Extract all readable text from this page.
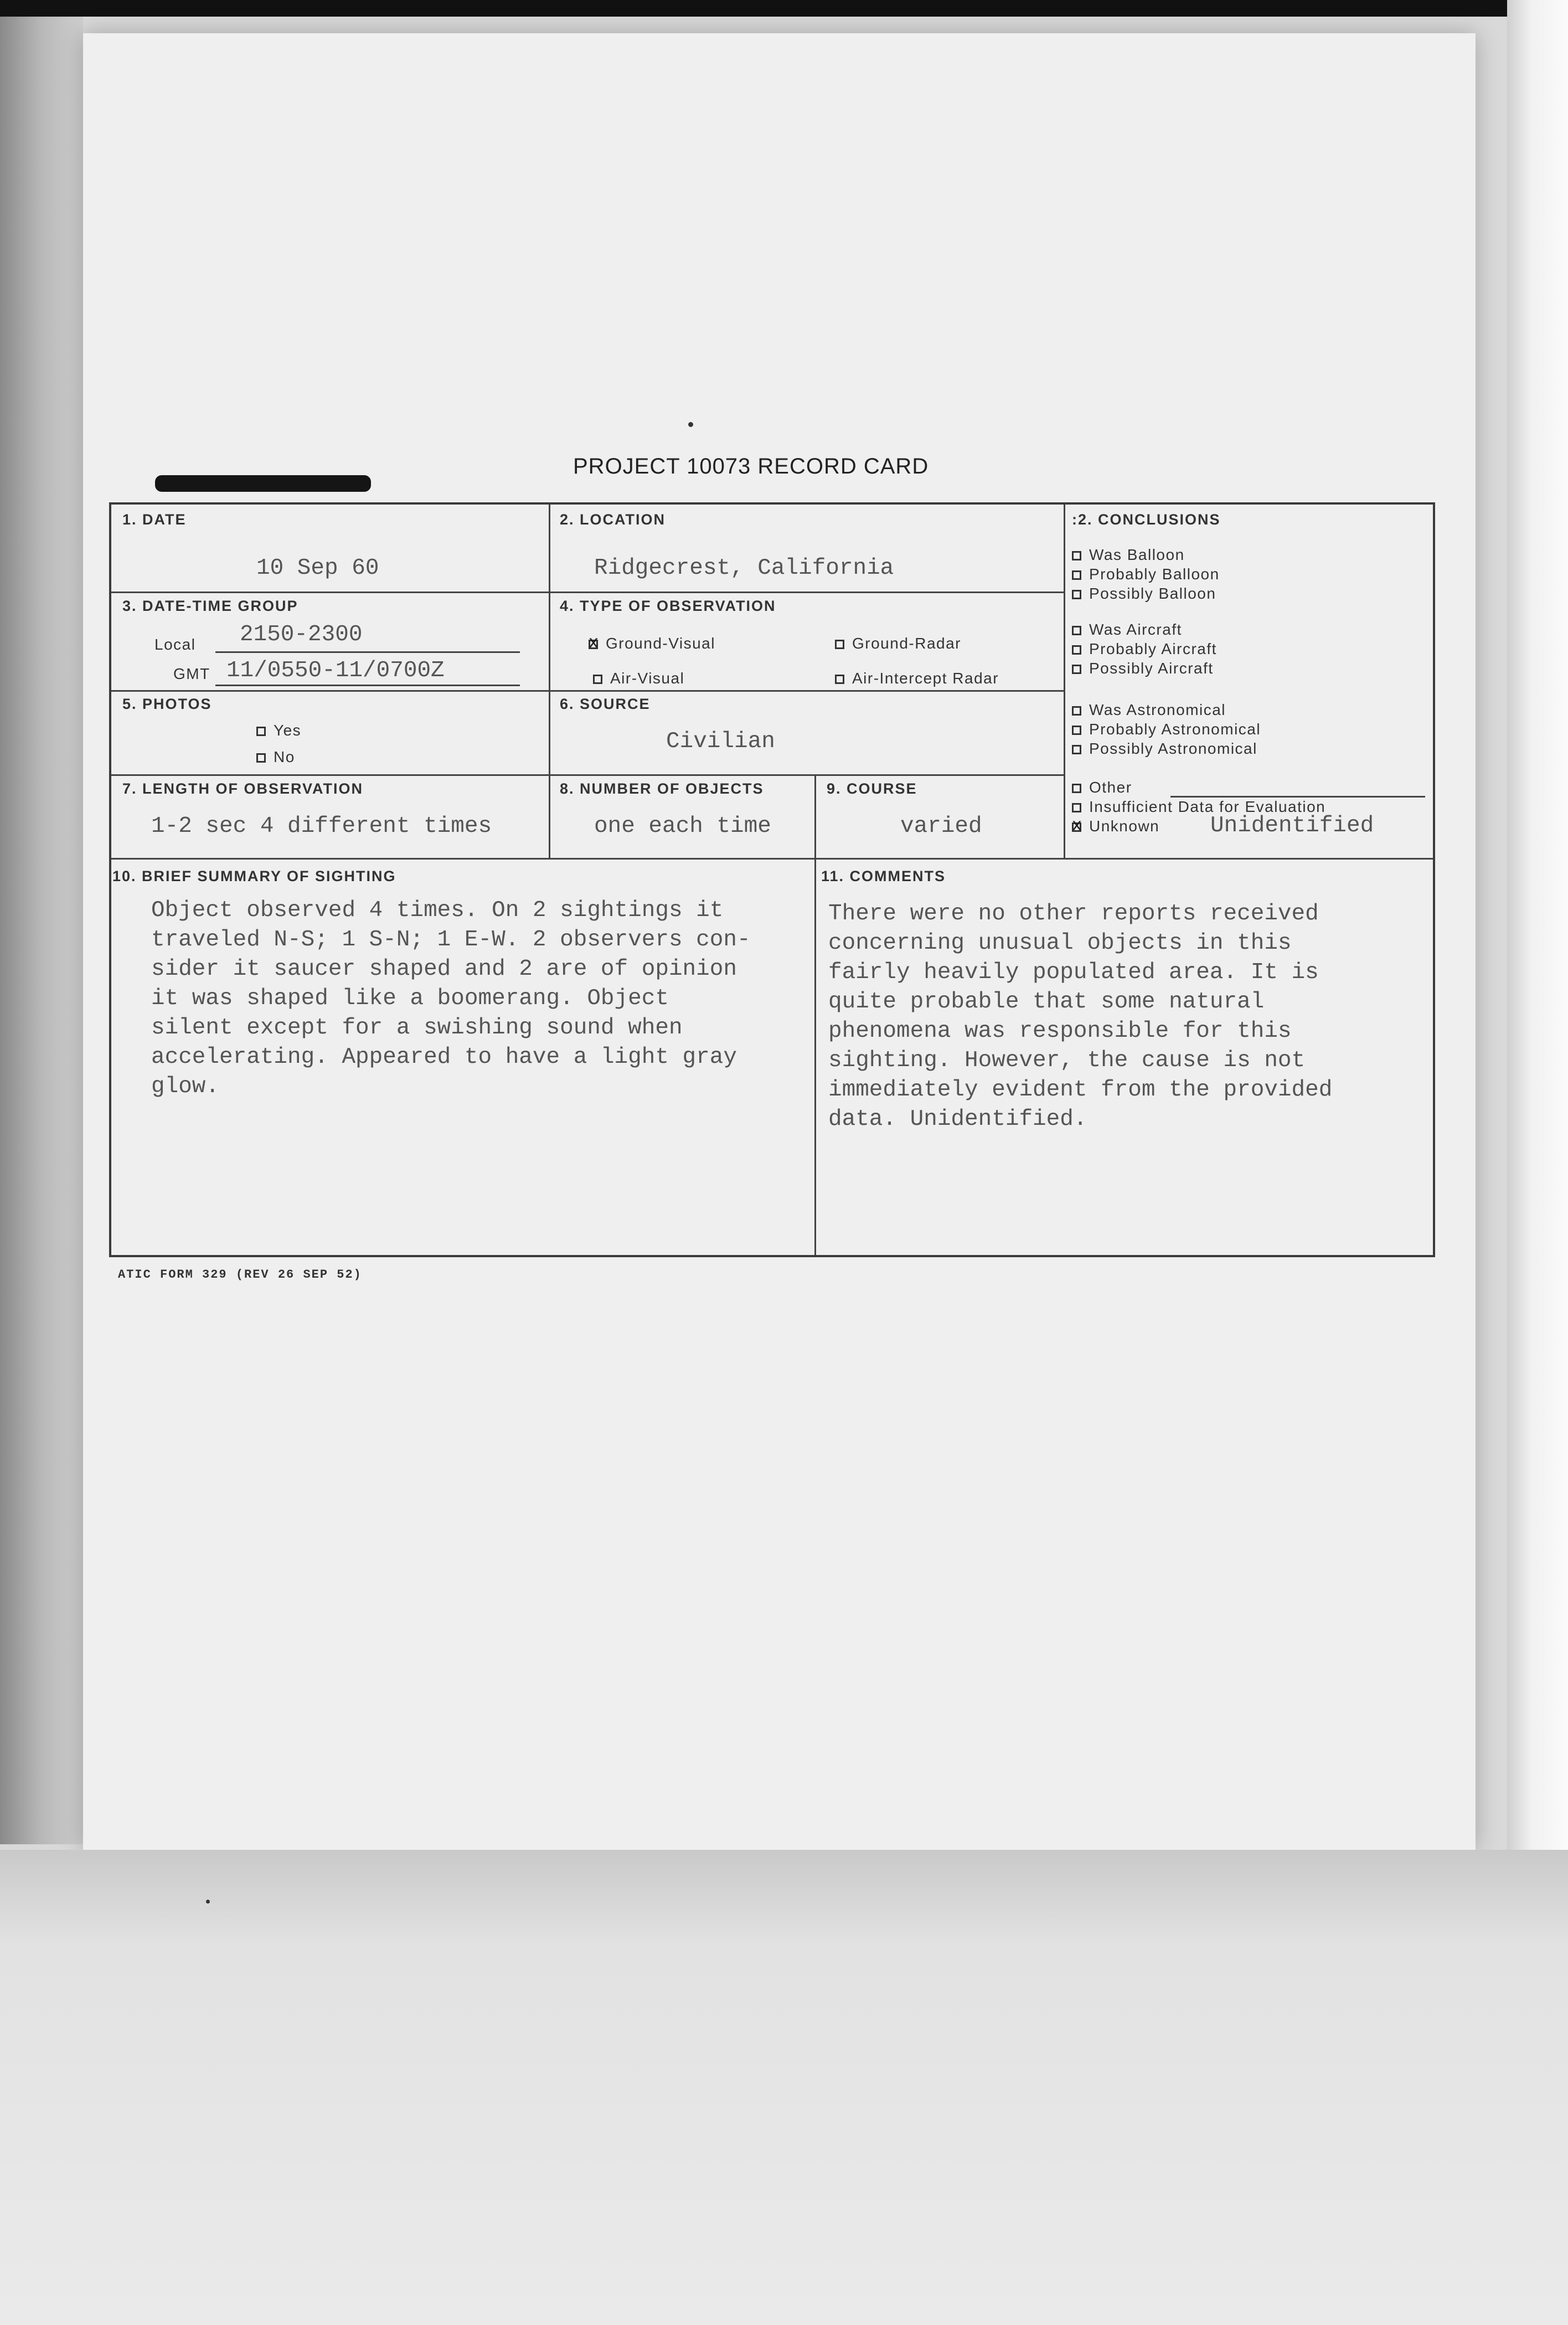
PROJECT 10073 RECORD CARD
1. DATE
10 Sep 60
2. LOCATION
Ridgecrest, California
:2. CONCLUSIONS
Was Balloon
Probably Balloon
Possibly Balloon
Was Aircraft
Probably Aircraft
Possibly Aircraft
Was Astronomical
Probably Astronomical
Possibly Astronomical
Other
Insufficient Data for Evaluation
xUnknown Unidentified
3. DATE-TIME GROUP
Local 2150-2300
GMT 11/0550-11/0700Z
4. TYPE OF OBSERVATION
xGround-Visual	Ground-Radar
Air-Visual	Air-Intercept Radar
5. PHOTOS
Yes
No
6. SOURCE
Civilian
7. LENGTH OF OBSERVATION
1-2 sec 4 different times
8. NUMBER OF OBJECTS
one each time
9. COURSE
varied
10. BRIEF SUMMARY OF SIGHTING
Object observed 4 times. On 2 sightings it
traveled N-S; 1 S-N; 1 E-W. 2 observers con-
sider it saucer shaped and 2 are of opinion
it was shaped like a boomerang. Object
silent except for a swishing sound when
accelerating. Appeared to have a light gray
glow.
11. COMMENTS
There were no other reports received
concerning unusual objects in this
fairly heavily populated area. It is
quite probable that some natural
phenomena was responsible for this
sighting. However, the cause is not
immediately evident from the provided
data. Unidentified.
ATIC FORM 329 (REV 26 SEP 52)
